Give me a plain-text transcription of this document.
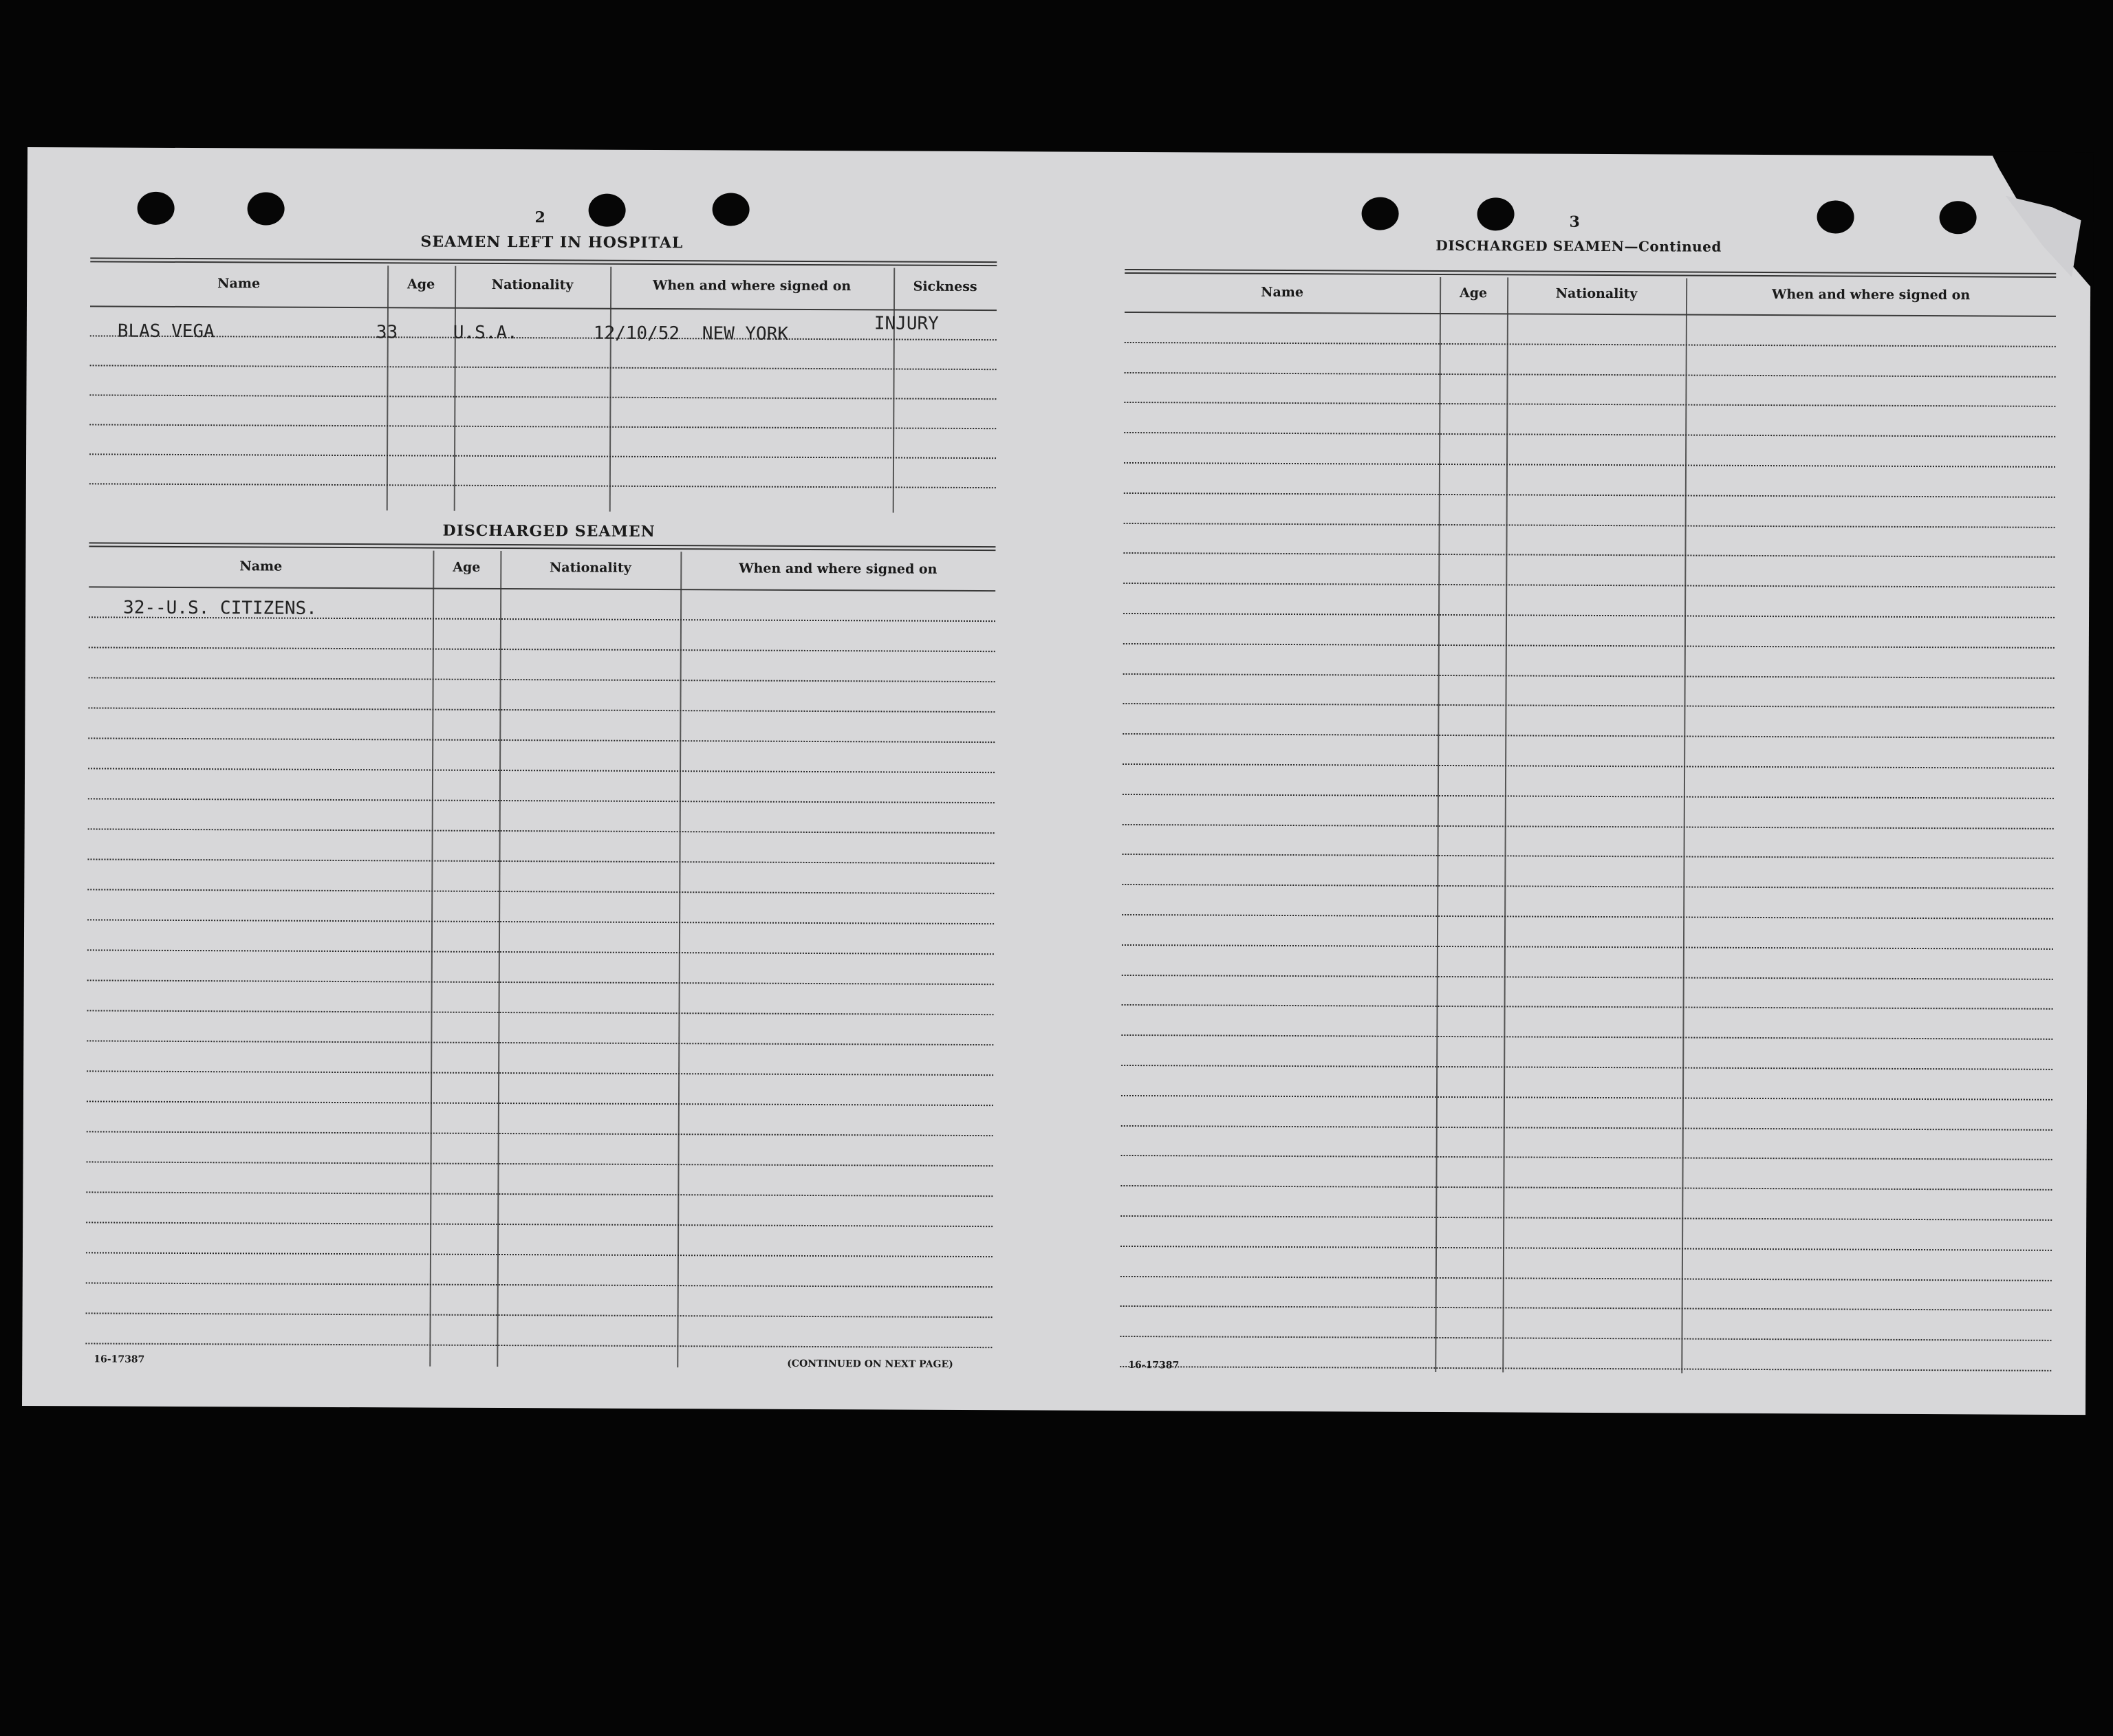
2
SEAMEN LEFT IN HOSPITAL
Name	Age	Nationality	When and where signed on	Sickness
BLAS VEGA	33	U.S.A.	12/10/52 NEW YORK	INJURY
DISCHARGED SEAMEN
Name	Age	Nationality	When and where signed on
32--U.S. CITIZENS.
16-17387	(CONTINUED ON NEXT PAGE)
3
DISCHARGED SEAMEN—Continued
Name	Age	Nationality	When and where signed on
16-17387
